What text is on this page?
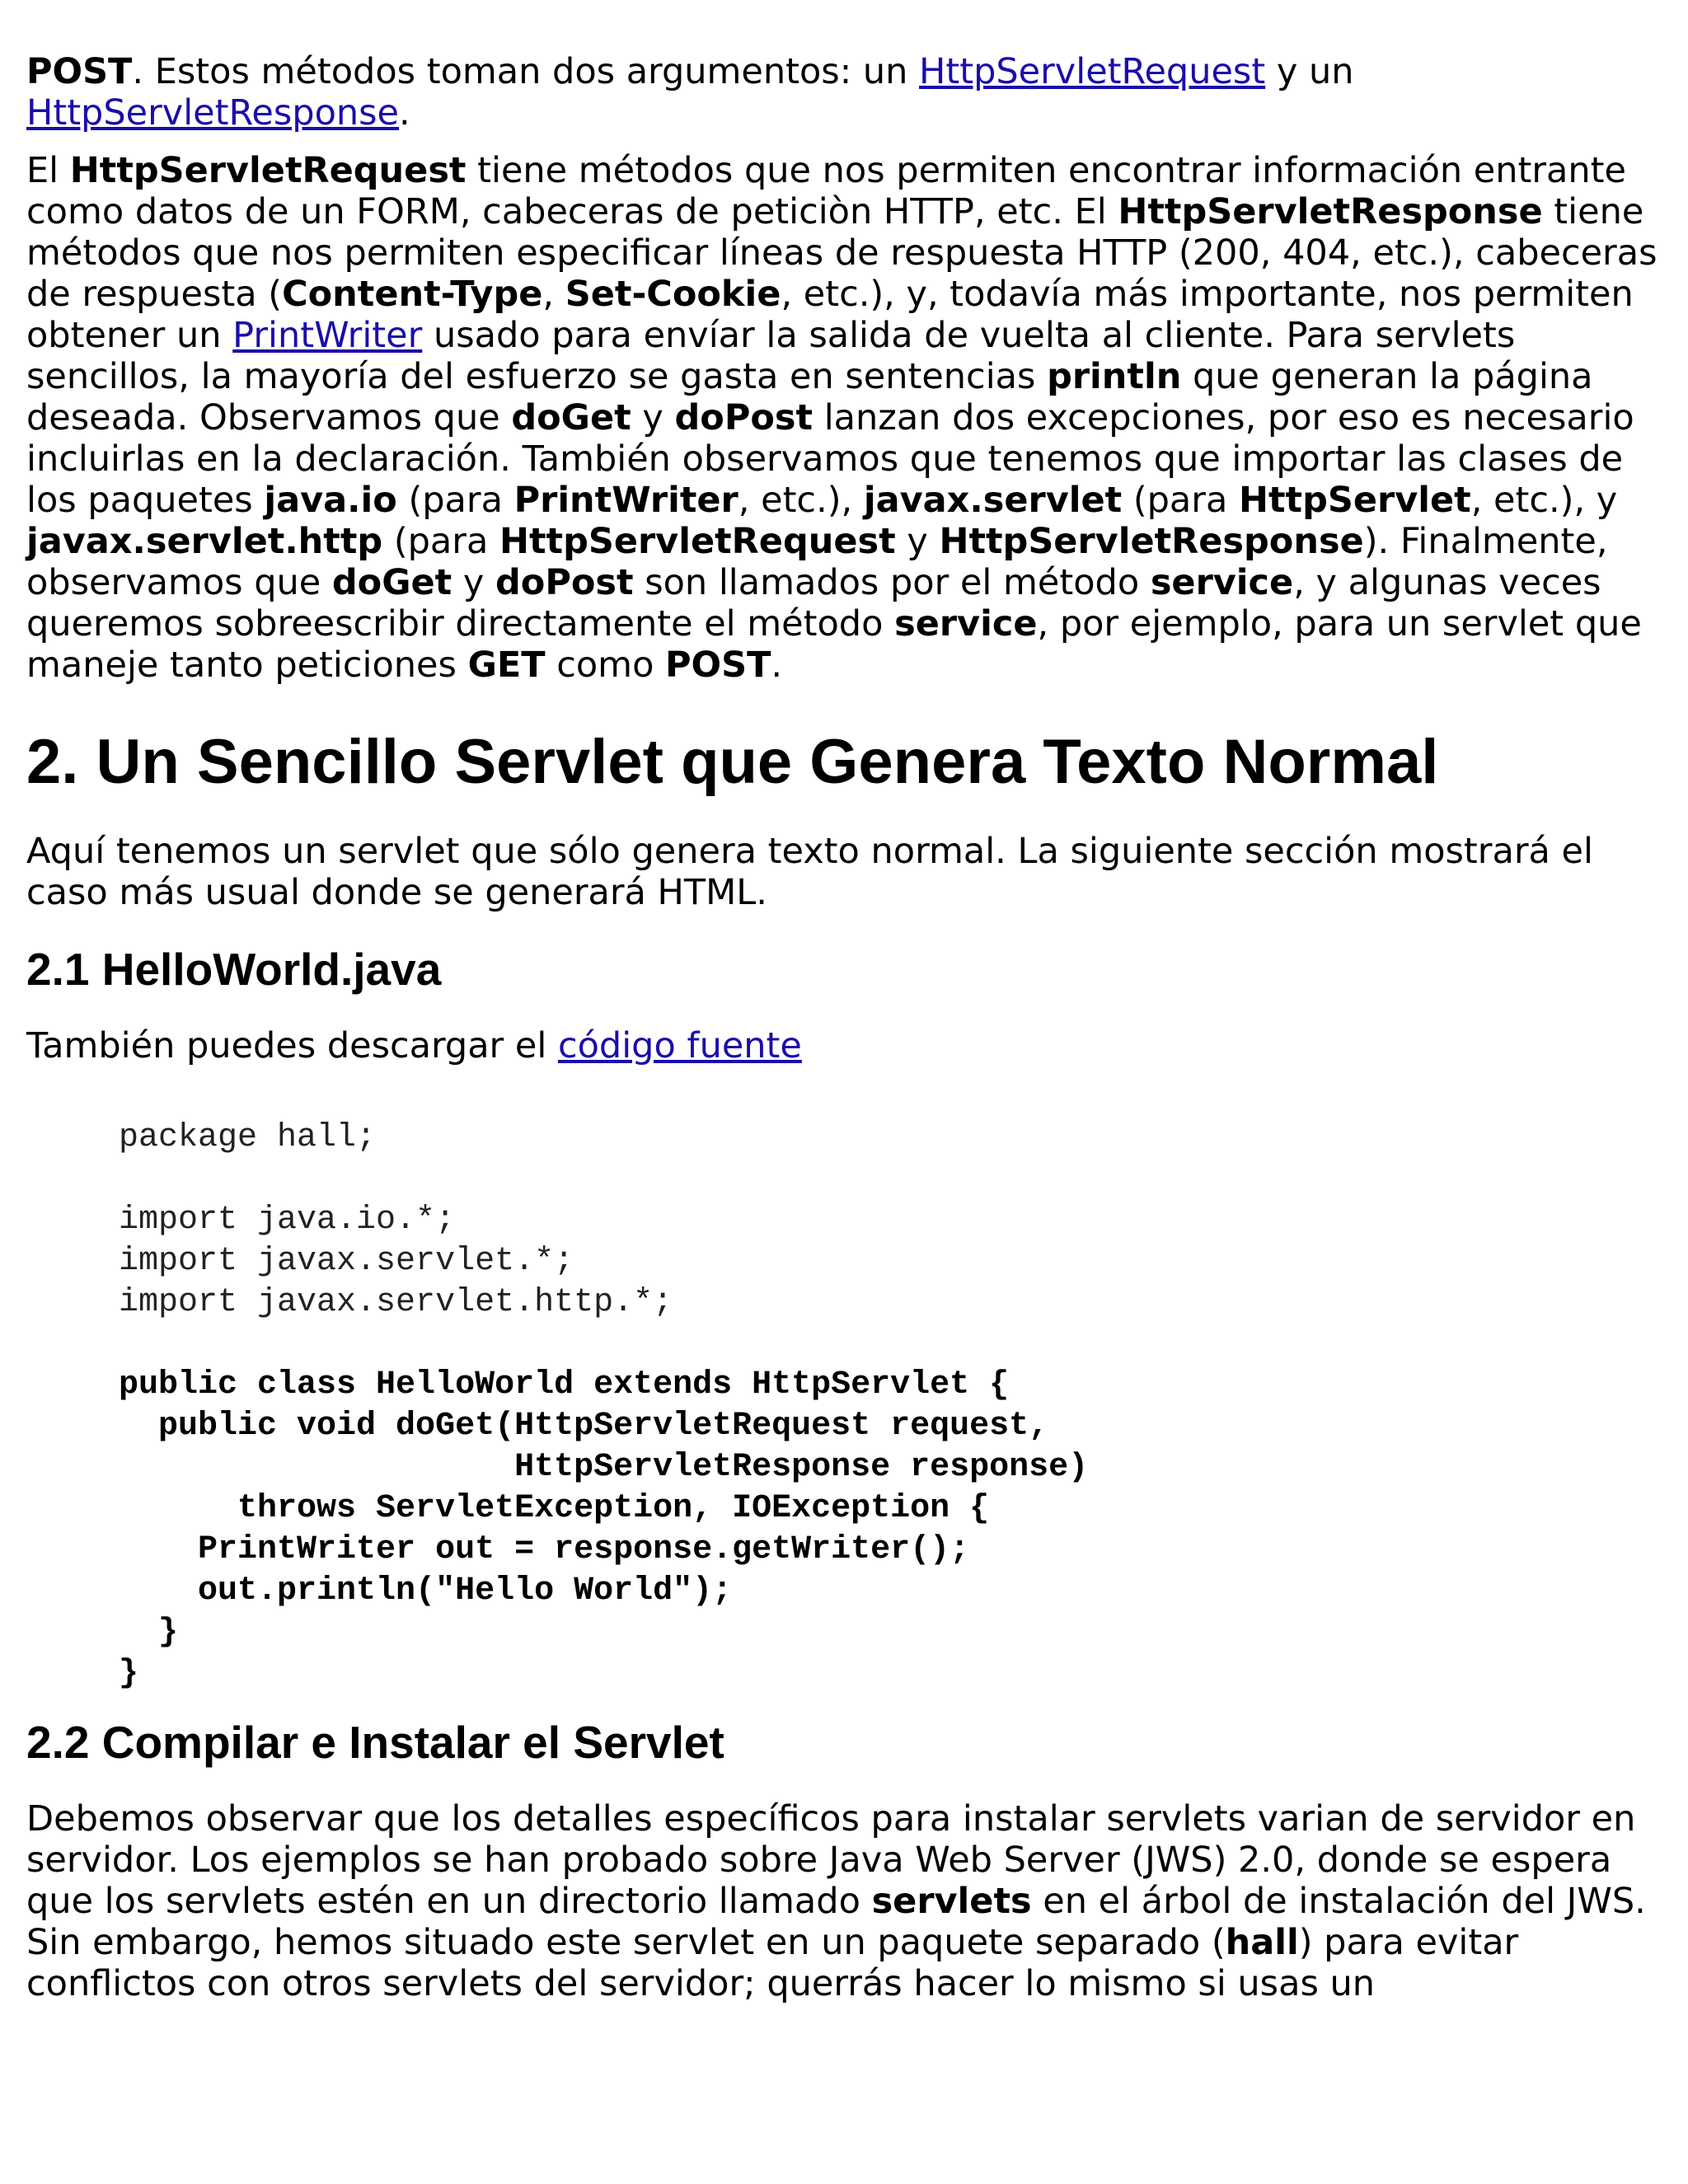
POST. Estos métodos toman dos argumentos: un HttpServletRequest y un HttpServletResponse.

El HttpServletRequest tiene métodos que nos permiten encontrar información entrante como datos de un FORM, cabeceras de peticiòn HTTP, etc. El HttpServletResponse tiene métodos que nos permiten especificar líneas de respuesta HTTP (200, 404, etc.), cabeceras de respuesta (Content-Type, Set-Cookie, etc.), y, todavía más importante, nos permiten obtener un PrintWriter usado para envíar la salida de vuelta al cliente. Para servlets sencillos, la mayoría del esfuerzo se gasta en sentencias println que generan la página deseada. Observamos que doGet y doPost lanzan dos excepciones, por eso es necesario incluirlas en la declaración. También observamos que tenemos que importar las clases de los paquetes java.io (para PrintWriter, etc.), javax.servlet (para HttpServlet, etc.), y javax.servlet.http (para HttpServletRequest y HttpServletResponse). Finalmente, observamos que doGet y doPost son llamados por el método service, y algunas veces queremos sobreescribir directamente el método service, por ejemplo, para un servlet que maneje tanto peticiones GET como POST.

2. Un Sencillo Servlet que Genera Texto Normal

Aquí tenemos un servlet que sólo genera texto normal. La siguiente sección mostrará el caso más usual donde se generará HTML.

2.1 HelloWorld.java

También puedes descargar el código fuente

package hall;

import java.io.*;
import javax.servlet.*;
import javax.servlet.http.*;

public class HelloWorld extends HttpServlet {
public void doGet(HttpServletRequest request,
HttpServletResponse response)
throws ServletException, IOException {
PrintWriter out = response.getWriter();
out.println("Hello World");
}
}
2.2 Compilar e Instalar el Servlet

Debemos observar que los detalles específicos para instalar servlets varian de servidor en servidor. Los ejemplos se han probado sobre Java Web Server (JWS) 2.0, donde se espera que los servlets estén en un directorio llamado servlets en el árbol de instalación del JWS. Sin embargo, hemos situado este servlet en un paquete separado (hall) para evitar conflictos con otros servlets del servidor; querrás hacer lo mismo si usas un
